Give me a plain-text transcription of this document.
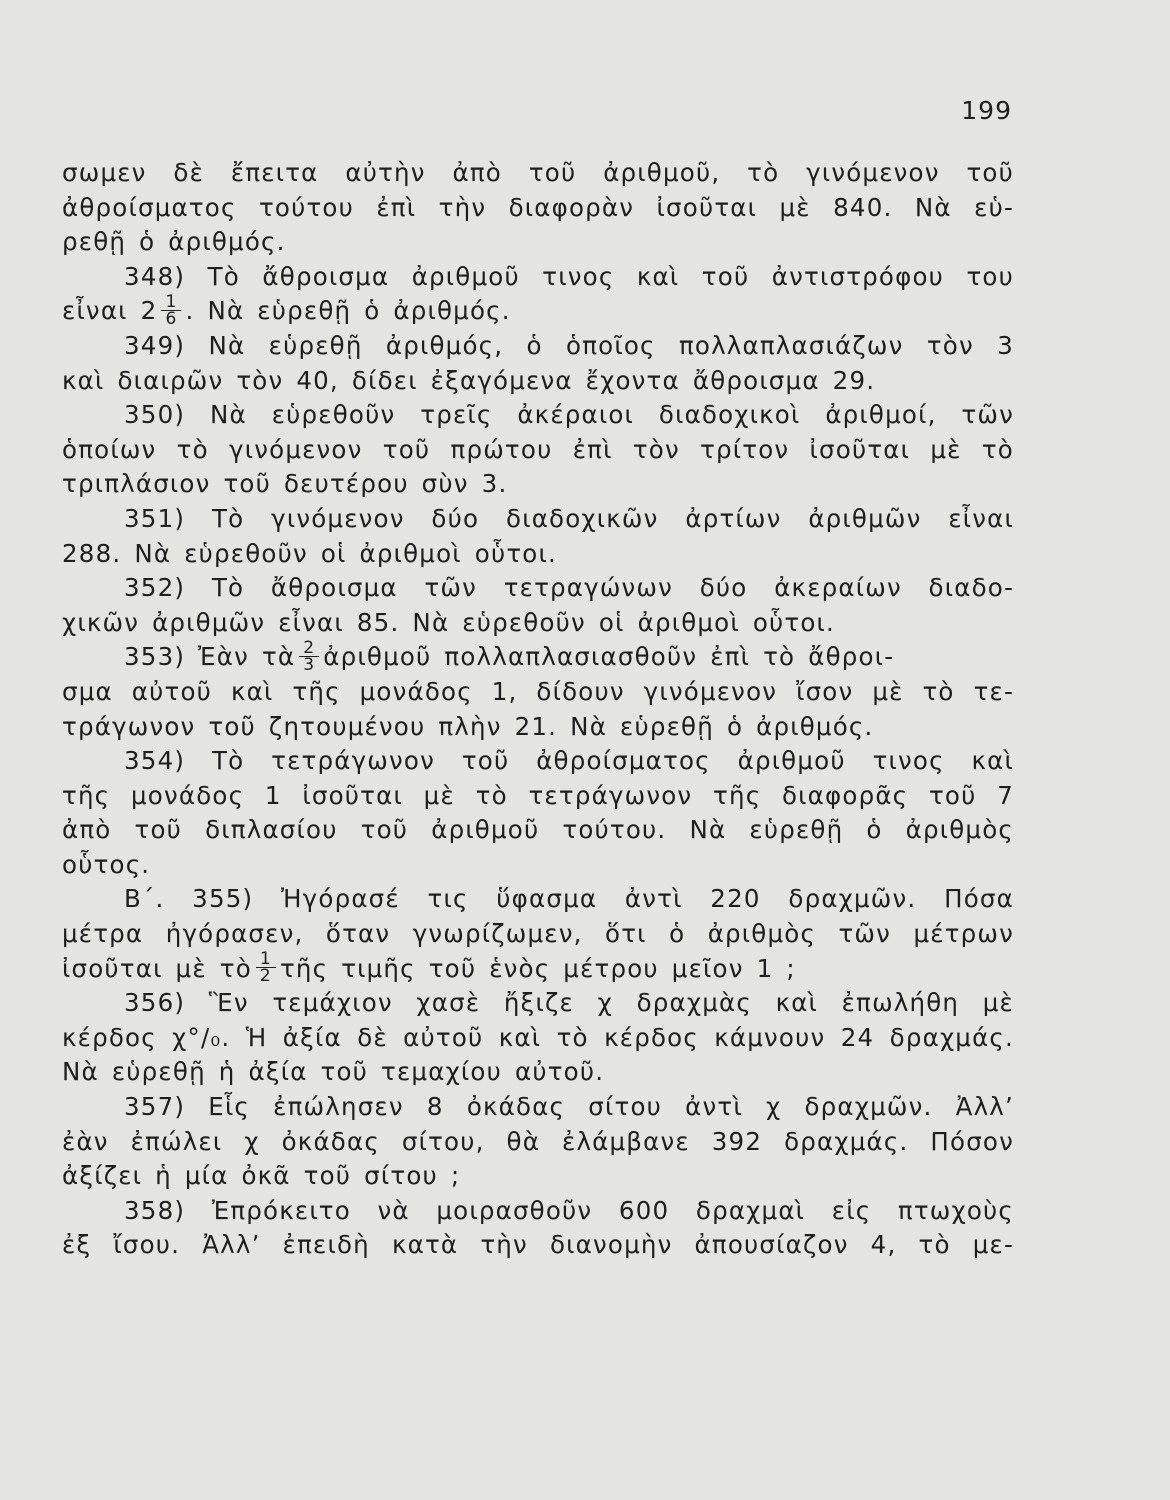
199
σωμεν δὲ ἔπειτα αὐτὴν ἀπὸ τοῦ ἀριθμοῦ, τὸ γινόμενον τοῦ
ἀθροίσματος τούτου ἐπὶ τὴν διαφορὰν ἰσοῦται μὲ 840. Νὰ εὑ-
ρεθῇ ὁ ἀριθμός.
348) Τὸ ἄθροισμα ἀριθμοῦ τινος καὶ τοῦ ἀντιστρόφου του
εἶναι $2 \frac{1}{6}$ . Νὰ εὑρεθῇ ὁ ἀριθμός.
349) Νὰ εὑρεθῇ ἀριθμός, ὁ ὁποῖος πολλαπλασιάζων τὸν 3
καὶ διαιρῶν τὸν 40, δίδει ἐξαγόμενα ἔχοντα ἄθροισμα 29.
350) Νὰ εὑρεθοῦν τρεῖς ἀκέραιοι διαδοχικοὶ ἀριθμοί, τῶν
ὁποίων τὸ γινόμενον τοῦ πρώτου ἐπὶ τὸν τρίτον ἰσοῦται μὲ τὸ
τριπλάσιον τοῦ δευτέρου σὺν 3.
351) Τὸ γινόμενον δύο διαδοχικῶν ἀρτίων ἀριθμῶν εἶναι
288. Νὰ εὑρεθοῦν οἱ ἀριθμοὶ οὗτοι.
352) Τὸ ἄθροισμα τῶν τετραγώνων δύο ἀκεραίων διαδο-
χικῶν ἀριθμῶν εἶναι 85. Νὰ εὑρεθοῦν οἱ ἀριθμοὶ οὗτοι.
353) Ἐὰν τὰ $\frac{2}{3}$ ἀριθμοῦ πολλαπλασιασθοῦν ἐπὶ τὸ ἄθροι-
σμα αὐτοῦ καὶ τῆς μονάδος 1, δίδουν γινόμενον ἴσον μὲ τὸ τε-
τράγωνον τοῦ ζητουμένου πλὴν 21. Νὰ εὑρεθῇ ὁ ἀριθμός.
354) Τὸ τετράγωνον τοῦ ἀθροίσματος ἀριθμοῦ τινος καὶ
τῆς μονάδος 1 ἰσοῦται μὲ τὸ τετράγωνον τῆς διαφορᾶς τοῦ 7
ἀπὸ τοῦ διπλασίου τοῦ ἀριθμοῦ τούτου. Νὰ εὑρεθῇ ὁ ἀριθμὸς
οὗτος.
Β΄. 355) Ἠγόρασέ τις ὕφασμα ἀντὶ 220 δραχμῶν. Πόσα
μέτρα ἠγόρασεν, ὅταν γνωρίζωμεν, ὅτι ὁ ἀριθμὸς τῶν μέτρων
ἰσοῦται μὲ τὸ $\frac{1}{2}$ τῆς τιμῆς τοῦ ἑνὸς μέτρου μεῖον 1 ;
356) Ἓν τεμάχιον χασὲ ἤξιζε χ δραχμὰς καὶ ἐπωλήθη μὲ
κέρδος χ°/₀. Ἡ ἀξία δὲ αὐτοῦ καὶ τὸ κέρδος κάμνουν 24 δραχμάς.
Νὰ εὑρεθῇ ἡ ἀξία τοῦ τεμαχίου αὐτοῦ.
357) Εἷς ἐπώλησεν 8 ὀκάδας σίτου ἀντὶ χ δραχμῶν. Ἀλλ’
ἐὰν ἐπώλει χ ὀκάδας σίτου, θὰ ἐλάμβανε 392 δραχμάς. Πόσον
ἀξίζει ἡ μία ὀκᾶ τοῦ σίτου ;
358) Ἐπρόκειτο νὰ μοιρασθοῦν 600 δραχμαὶ εἰς πτωχοὺς
ἐξ ἴσου. Ἀλλ’ ἐπειδὴ κατὰ τὴν διανομὴν ἀπουσίαζον 4, τὸ με-
